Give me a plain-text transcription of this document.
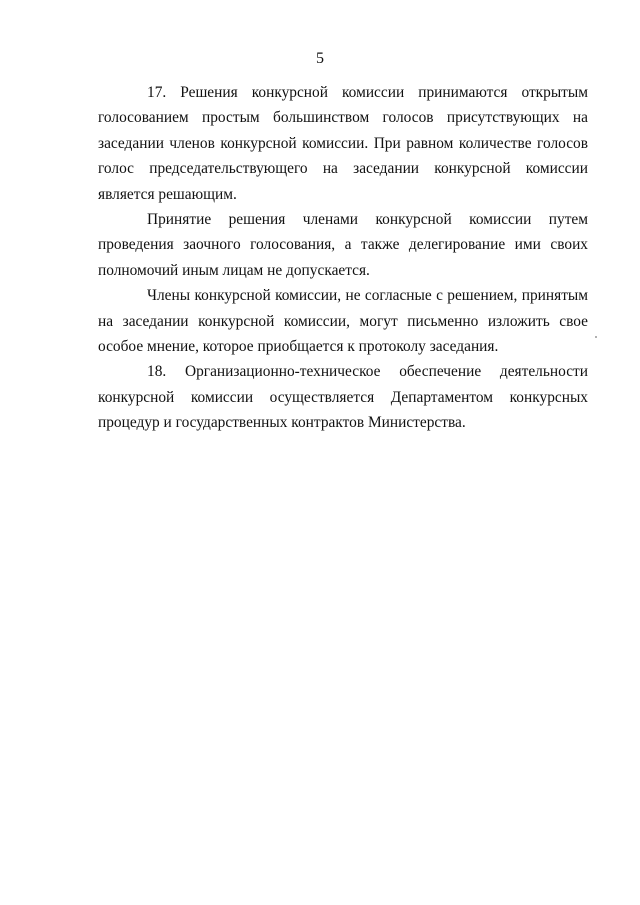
5

17. Решения конкурсной комиссии принимаются открытым голосованием простым большинством голосов присутствующих на заседании членов конкурсной комиссии. При равном количестве голосов голос председательствующего на заседании конкурсной комиссии является решающим.

Принятие решения членами конкурсной комиссии путем проведения заочного голосования, а также делегирование ими своих полномочий иным лицам не допускается.

Члены конкурсной комиссии, не согласные с решением, принятым на заседании конкурсной комиссии, могут письменно изложить свое особое мнение, которое приобщается к протоколу заседания.

18. Организационно-техническое обеспечение деятельности конкурсной комиссии осуществляется Департаментом конкурсных процедур и государственных контрактов Министерства.
